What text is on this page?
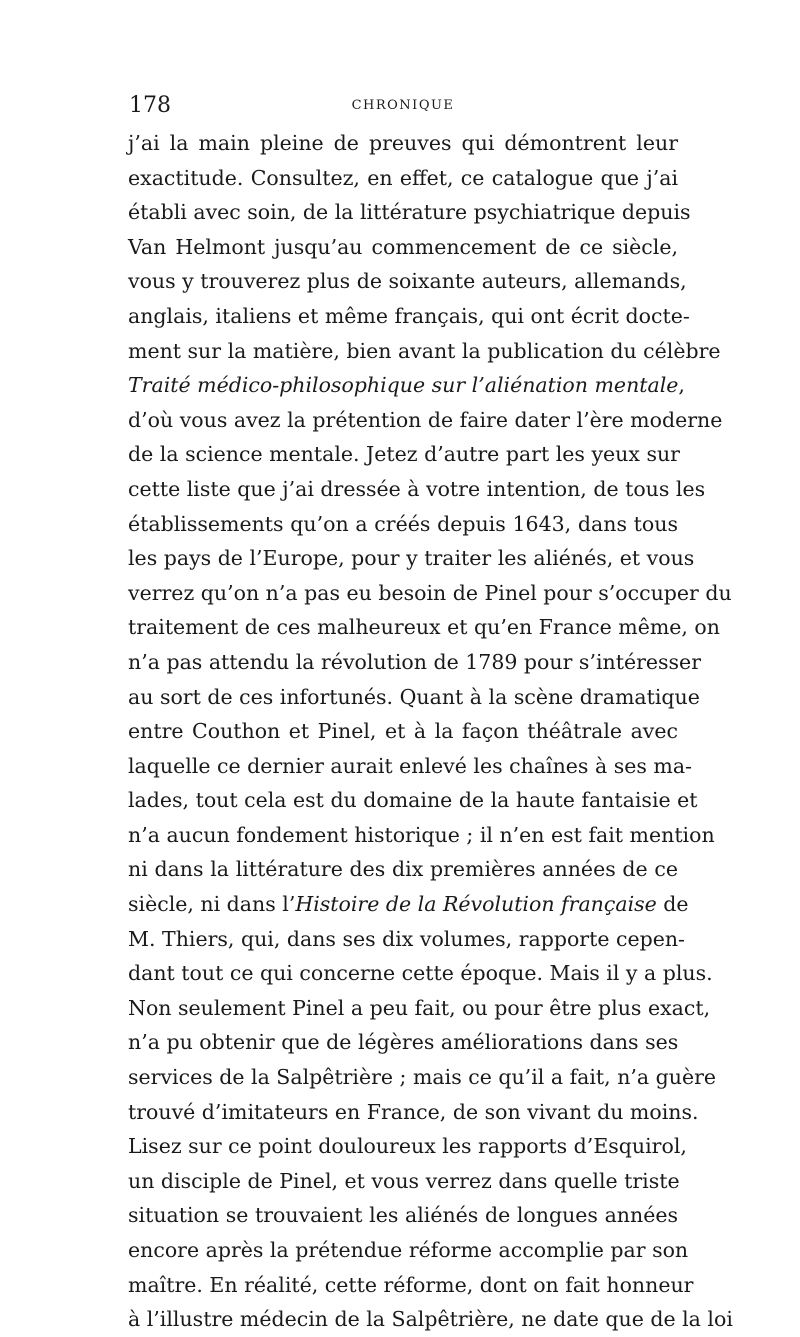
178	CHRONIQUE
j’ai la main pleine de preuves qui démontrent leur
exactitude. Consultez, en effet, ce catalogue que j’ai
établi avec soin, de la littérature psychiatrique depuis
Van Helmont jusqu’au commencement de ce siècle,
vous y trouverez plus de soixante auteurs, allemands,
anglais, italiens et même français, qui ont écrit docte-
ment sur la matière, bien avant la publication du célèbre
Traité médico-philosophique sur l’aliénation mentale,
d’où vous avez la prétention de faire dater l’ère moderne
de la science mentale. Jetez d’autre part les yeux sur
cette liste que j’ai dressée à votre intention, de tous les
établissements qu’on a créés depuis 1643, dans tous
les pays de l’Europe, pour y traiter les aliénés, et vous
verrez qu’on n’a pas eu besoin de Pinel pour s’occuper du
traitement de ces malheureux et qu’en France même, on
n’a pas attendu la révolution de 1789 pour s’intéresser
au sort de ces infortunés. Quant à la scène dramatique
entre Couthon et Pinel, et à la façon théâtrale avec
laquelle ce dernier aurait enlevé les chaînes à ses ma-
lades, tout cela est du domaine de la haute fantaisie et
n’a aucun fondement historique ; il n’en est fait mention
ni dans la littérature des dix premières années de ce
siècle, ni dans l’Histoire de la Révolution française de
M. Thiers, qui, dans ses dix volumes, rapporte cepen-
dant tout ce qui concerne cette époque. Mais il y a plus.
Non seulement Pinel a peu fait, ou pour être plus exact,
n’a pu obtenir que de légères améliorations dans ses
services de la Salpêtrière ; mais ce qu’il a fait, n’a guère
trouvé d’imitateurs en France, de son vivant du moins.
Lisez sur ce point douloureux les rapports d’Esquirol,
un disciple de Pinel, et vous verrez dans quelle triste
situation se trouvaient les aliénés de longues années
encore après la prétendue réforme accomplie par son
maître. En réalité, cette réforme, dont on fait honneur
à l’illustre médecin de la Salpêtrière, ne date que de la loi
